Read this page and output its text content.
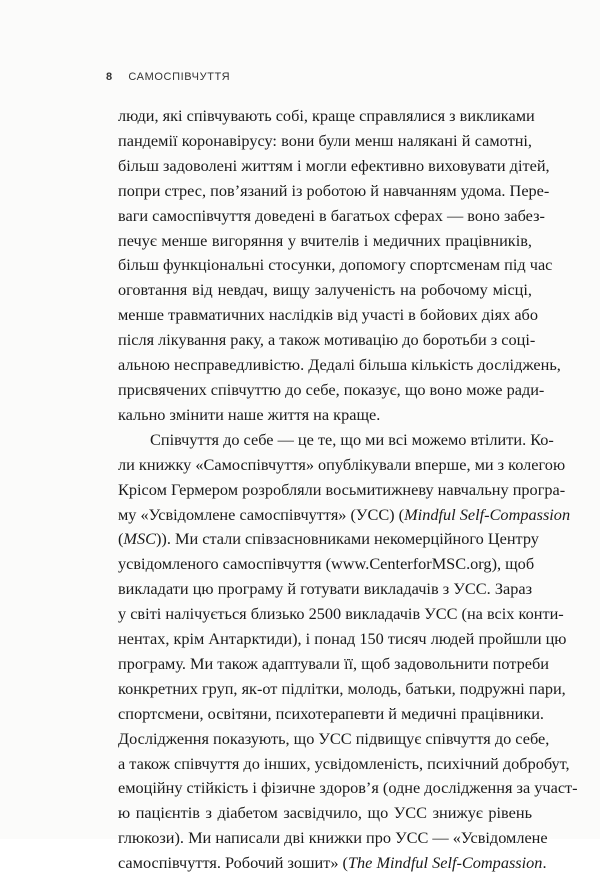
8 САМОСПІВЧУТТЯ
люди, які співчувають собі, краще справлялися з викликами
пандемії коронавірусу: вони були менш налякані й самотні,
більш задоволені життям і могли ефективно виховувати дітей,
попри стрес, пов’язаний із роботою й навчанням удома. Пере-
ваги самоспівчуття доведені в багатьох сферах — воно забез-
печує менше вигоряння у вчителів і медичних працівників,
більш функціональні стосунки, допомогу спортсменам під час
оговтання від невдач, вищу залученість на робочому місці,
менше травматичних наслідків від участі в бойових діях або
після лікування раку, а також мотивацію до боротьби з соці-
альною несправедливістю. Дедалі більша кількість досліджень,
присвячених співчуттю до себе, показує, що воно може ради-
кально змінити наше життя на краще.
Співчуття до себе — це те, що ми всі можемо втілити. Ко-
ли книжку «Самоспівчуття» опублікували вперше, ми з колегою
Крісом Гермером розробляли восьмитижневу навчальну програ-
му «Усвідомлене самоспівчуття» (УСС) (Mindful Self-Compassion
(MSC)). Ми стали співзасновниками некомерційного Центру
усвідомленого самоспівчуття (www.CenterforMSC.org), щоб
викладати цю програму й готувати викладачів з УСС. Зараз
у світі налічується близько 2500 викладачів УСС (на всіх конти-
нентах, крім Антарктиди), і понад 150 тисяч людей пройшли цю
програму. Ми також адаптували її, щоб задовольнити потреби
конкретних груп, як-от підлітки, молодь, батьки, подружні пари,
спортсмени, освітяни, психотерапевти й медичні працівники.
Дослідження показують, що УСС підвищує співчуття до себе,
а також співчуття до інших, усвідомленість, психічний добробут,
емоційну стійкість і фізичне здоров’я (одне дослідження за участ-
ю пацієнтів з діабетом засвідчило, що УСС знижує рівень
глюкози). Ми написали дві книжки про УСС — «Усвідомлене
самоспівчуття. Робочий зошит» (The Mindful Self-Compassion.
